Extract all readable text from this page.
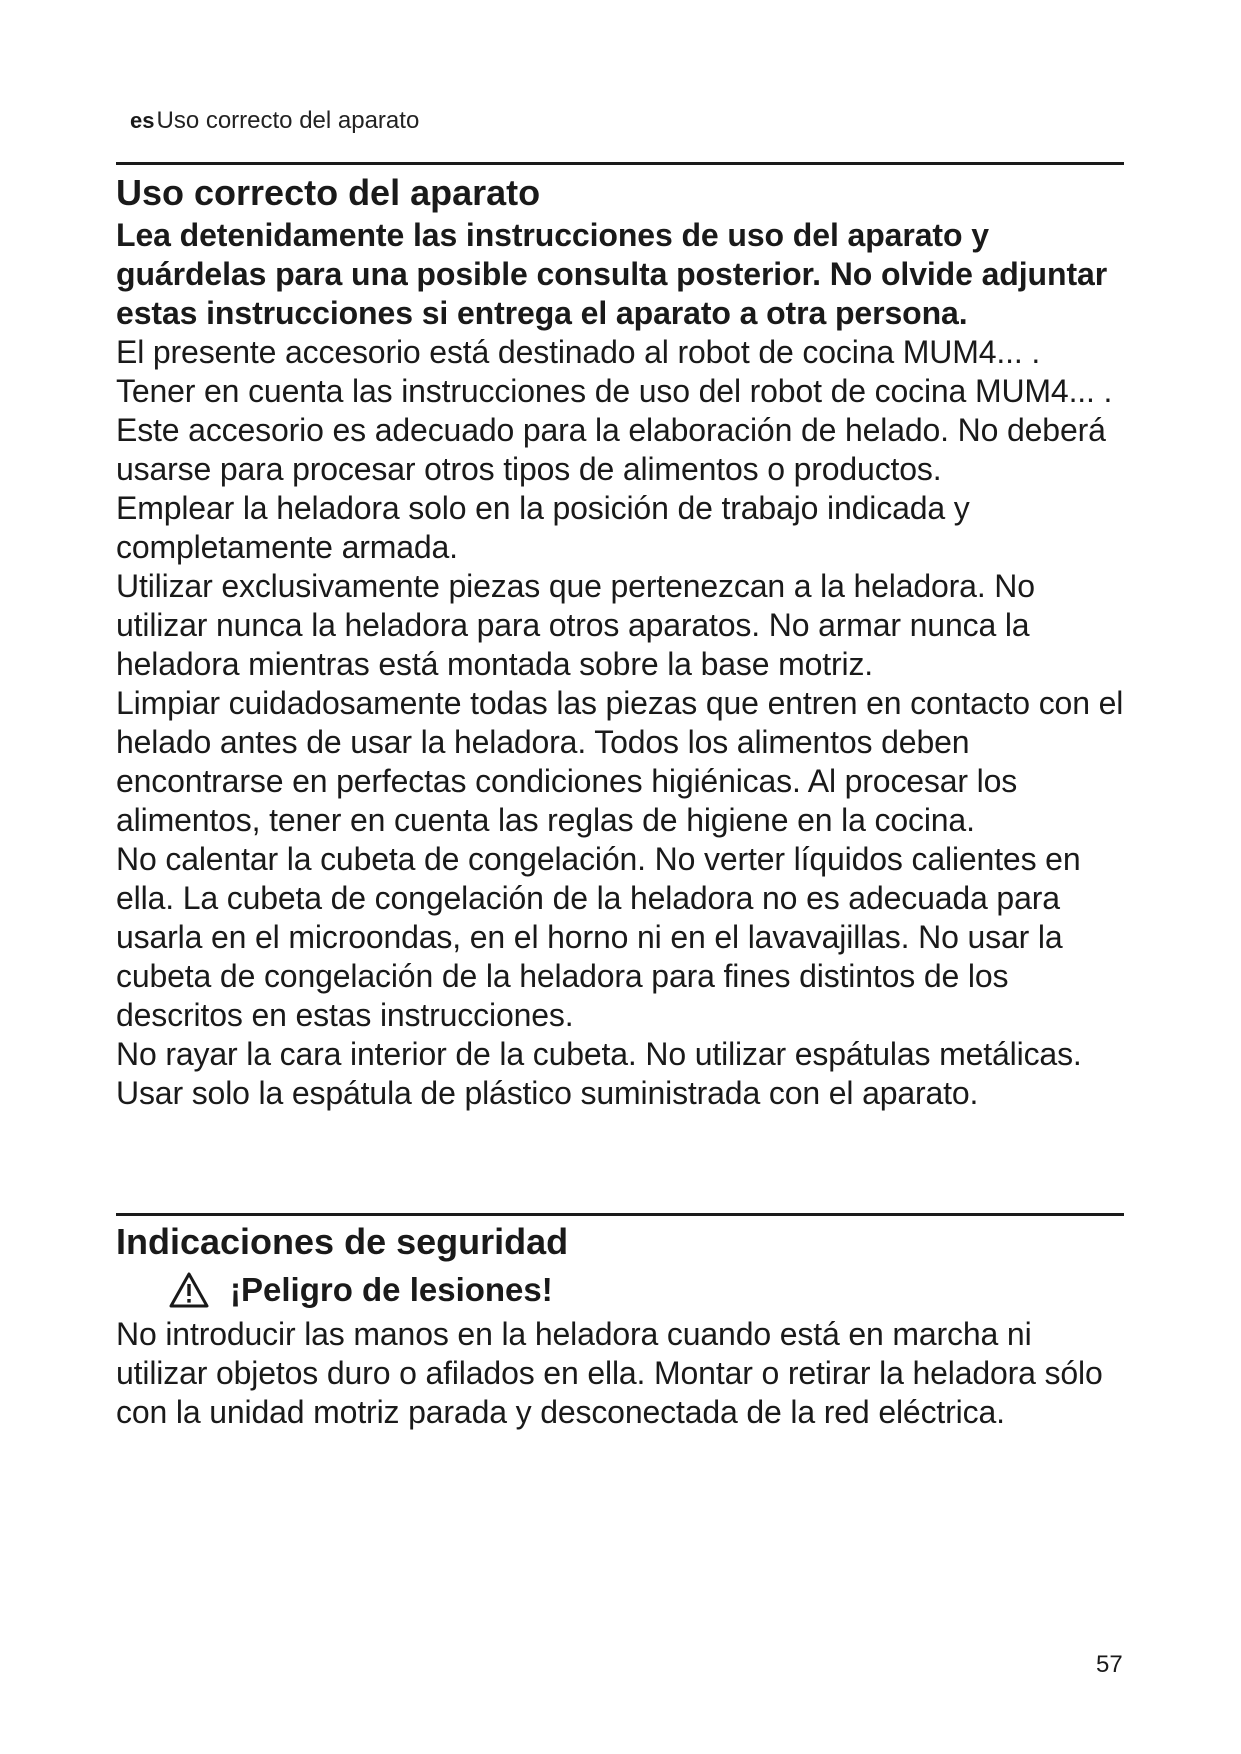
esUso correcto del aparato
Uso correcto del aparato

Lea detenidamente las instrucciones de uso del aparato y guárdelas para una posible consulta posterior. No olvide adjuntar estas instrucciones si entrega el aparato a otra persona.

El presente accesorio está destinado al robot de cocina MUM4... . Tener en cuenta las instrucciones de uso del robot de cocina MUM4... .

Este accesorio es adecuado para la elaboración de helado. No deberá usarse para procesar otros tipos de alimentos o productos.

Emplear la heladora solo en la posición de trabajo indicada y completamente armada.

Utilizar exclusivamente piezas que pertenezcan a la heladora. No utilizar nunca la heladora para otros aparatos. No armar nunca la heladora mientras está montada sobre la base motriz.

Limpiar cuidadosamente todas las piezas que entren en contacto con el helado antes de usar la heladora. Todos los alimentos deben encontrarse en perfectas condiciones higiénicas. Al procesar los alimentos, tener en cuenta las reglas de higiene en la cocina.

No calentar la cubeta de congelación. No verter líquidos calientes en ella. La cubeta de congelación de la heladora no es adecuada para usarla en el microondas, en el horno ni en el lavavajillas. No usar la cubeta de congelación de la heladora para fines distintos de los descritos en estas instrucciones.

No rayar la cara interior de la cubeta. No utilizar espátulas metálicas. Usar solo la espátula de plástico suministrada con el aparato.

Indicaciones de seguridad
¡Peligro de lesiones!

No introducir las manos en la heladora cuando está en marcha ni utilizar objetos duro o afilados en ella. Montar o retirar la heladora sólo con la unidad motriz parada y desconectada de la red eléctrica.

57
